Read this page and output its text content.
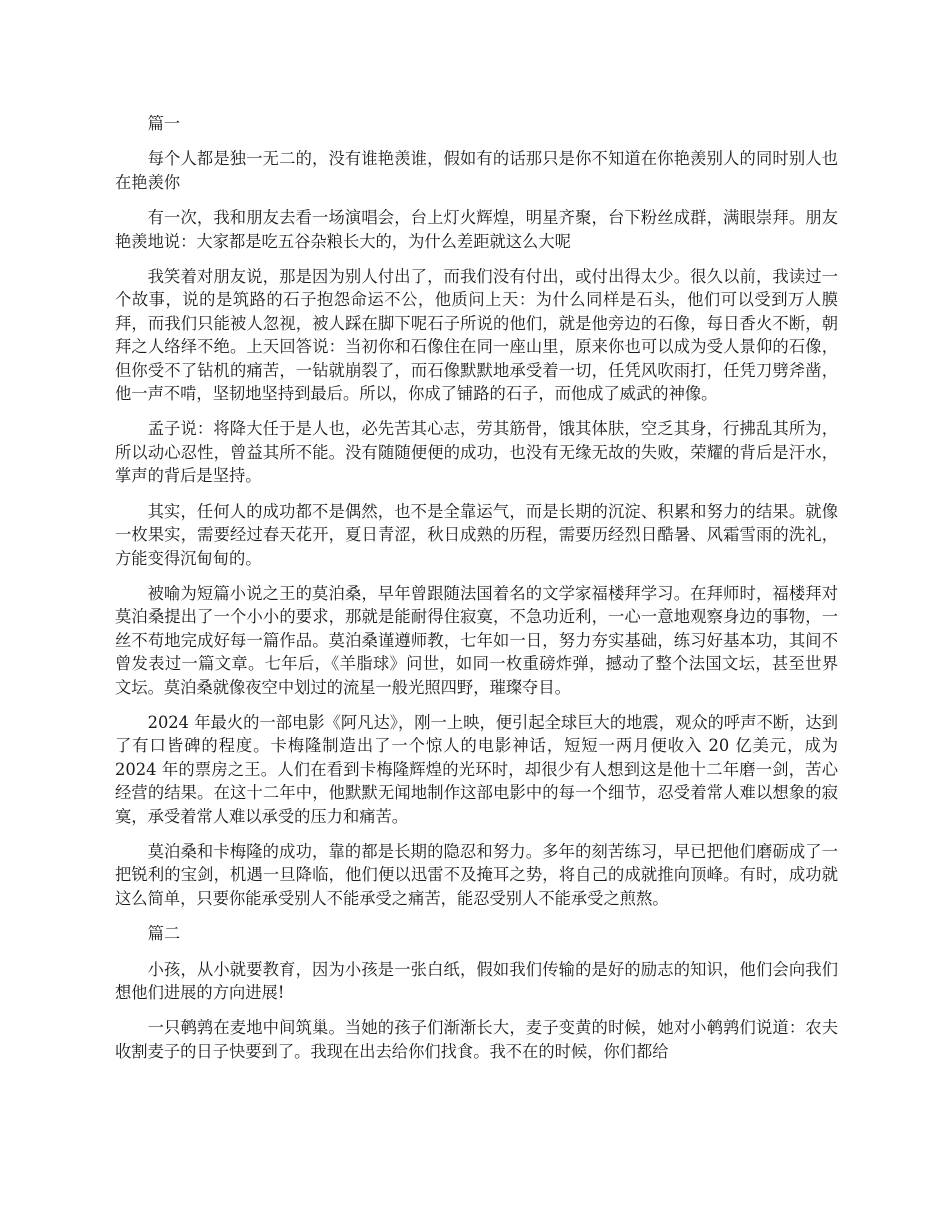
篇一

每个人都是独一无二的，没有谁艳羡谁，假如有的话那只是你不知道在你艳羡别人的同时别人也在艳羡你

有一次，我和朋友去看一场演唱会，台上灯火辉煌，明星齐聚，台下粉丝成群，满眼崇拜。朋友艳羡地说：大家都是吃五谷杂粮长大的，为什么差距就这么大呢

我笑着对朋友说，那是因为别人付出了，而我们没有付出，或付出得太少。很久以前，我读过一个故事，说的是筑路的石子抱怨命运不公，他质问上天：为什么同样是石头，他们可以受到万人膜拜，而我们只能被人忽视，被人踩在脚下呢石子所说的他们，就是他旁边的石像，每日香火不断，朝拜之人络绎不绝。上天回答说：当初你和石像住在同一座山里，原来你也可以成为受人景仰的石像，但你受不了钻机的痛苦，一钻就崩裂了，而石像默默地承受着一切，任凭风吹雨打，任凭刀劈斧凿，他一声不啃，坚韧地坚持到最后。所以，你成了铺路的石子，而他成了威武的神像。

孟子说：将降大任于是人也，必先苦其心志，劳其筋骨，饿其体肤，空乏其身，行拂乱其所为，所以动心忍性，曾益其所不能。没有随随便便的成功，也没有无缘无故的失败，荣耀的背后是汗水，掌声的背后是坚持。

其实，任何人的成功都不是偶然，也不是全靠运气，而是长期的沉淀、积累和努力的结果。就像一枚果实，需要经过春天花开，夏日青涩，秋日成熟的历程，需要历经烈日酷暑、风霜雪雨的洗礼，方能变得沉甸甸的。

被喻为短篇小说之王的莫泊桑，早年曾跟随法国着名的文学家福楼拜学习。在拜师时，福楼拜对莫泊桑提出了一个小小的要求，那就是能耐得住寂寞，不急功近利，一心一意地观察身边的事物，一丝不苟地完成好每一篇作品。莫泊桑谨遵师教，七年如一日，努力夯实基础，练习好基本功，其间不曾发表过一篇文章。七年后，《羊脂球》问世，如同一枚重磅炸弹，撼动了整个法国文坛，甚至世界文坛。莫泊桑就像夜空中划过的流星一般光照四野，璀璨夺目。

2024 年最火的一部电影《阿凡达》，刚一上映，便引起全球巨大的地震，观众的呼声不断，达到了有口皆碑的程度。卡梅隆制造出了一个惊人的电影神话，短短一两月便收入 20 亿美元，成为 2024 年的票房之王。人们在看到卡梅隆辉煌的光环时，却很少有人想到这是他十二年磨一剑，苦心经营的结果。在这十二年中，他默默无闻地制作这部电影中的每一个细节，忍受着常人难以想象的寂寞，承受着常人难以承受的压力和痛苦。

莫泊桑和卡梅隆的成功，靠的都是长期的隐忍和努力。多年的刻苦练习，早已把他们磨砺成了一把锐利的宝剑，机遇一旦降临，他们便以迅雷不及掩耳之势，将自己的成就推向顶峰。有时，成功就这么简单，只要你能承受别人不能承受之痛苦，能忍受别人不能承受之煎熬。

篇二

小孩，从小就要教育，因为小孩是一张白纸，假如我们传输的是好的励志的知识，他们会向我们想他们进展的方向进展!

一只鹌鹑在麦地中间筑巢。当她的孩子们渐渐长大，麦子变黄的时候，她对小鹌鹑们说道：农夫收割麦子的日子快要到了。我现在出去给你们找食。我不在的时候，你们都给
